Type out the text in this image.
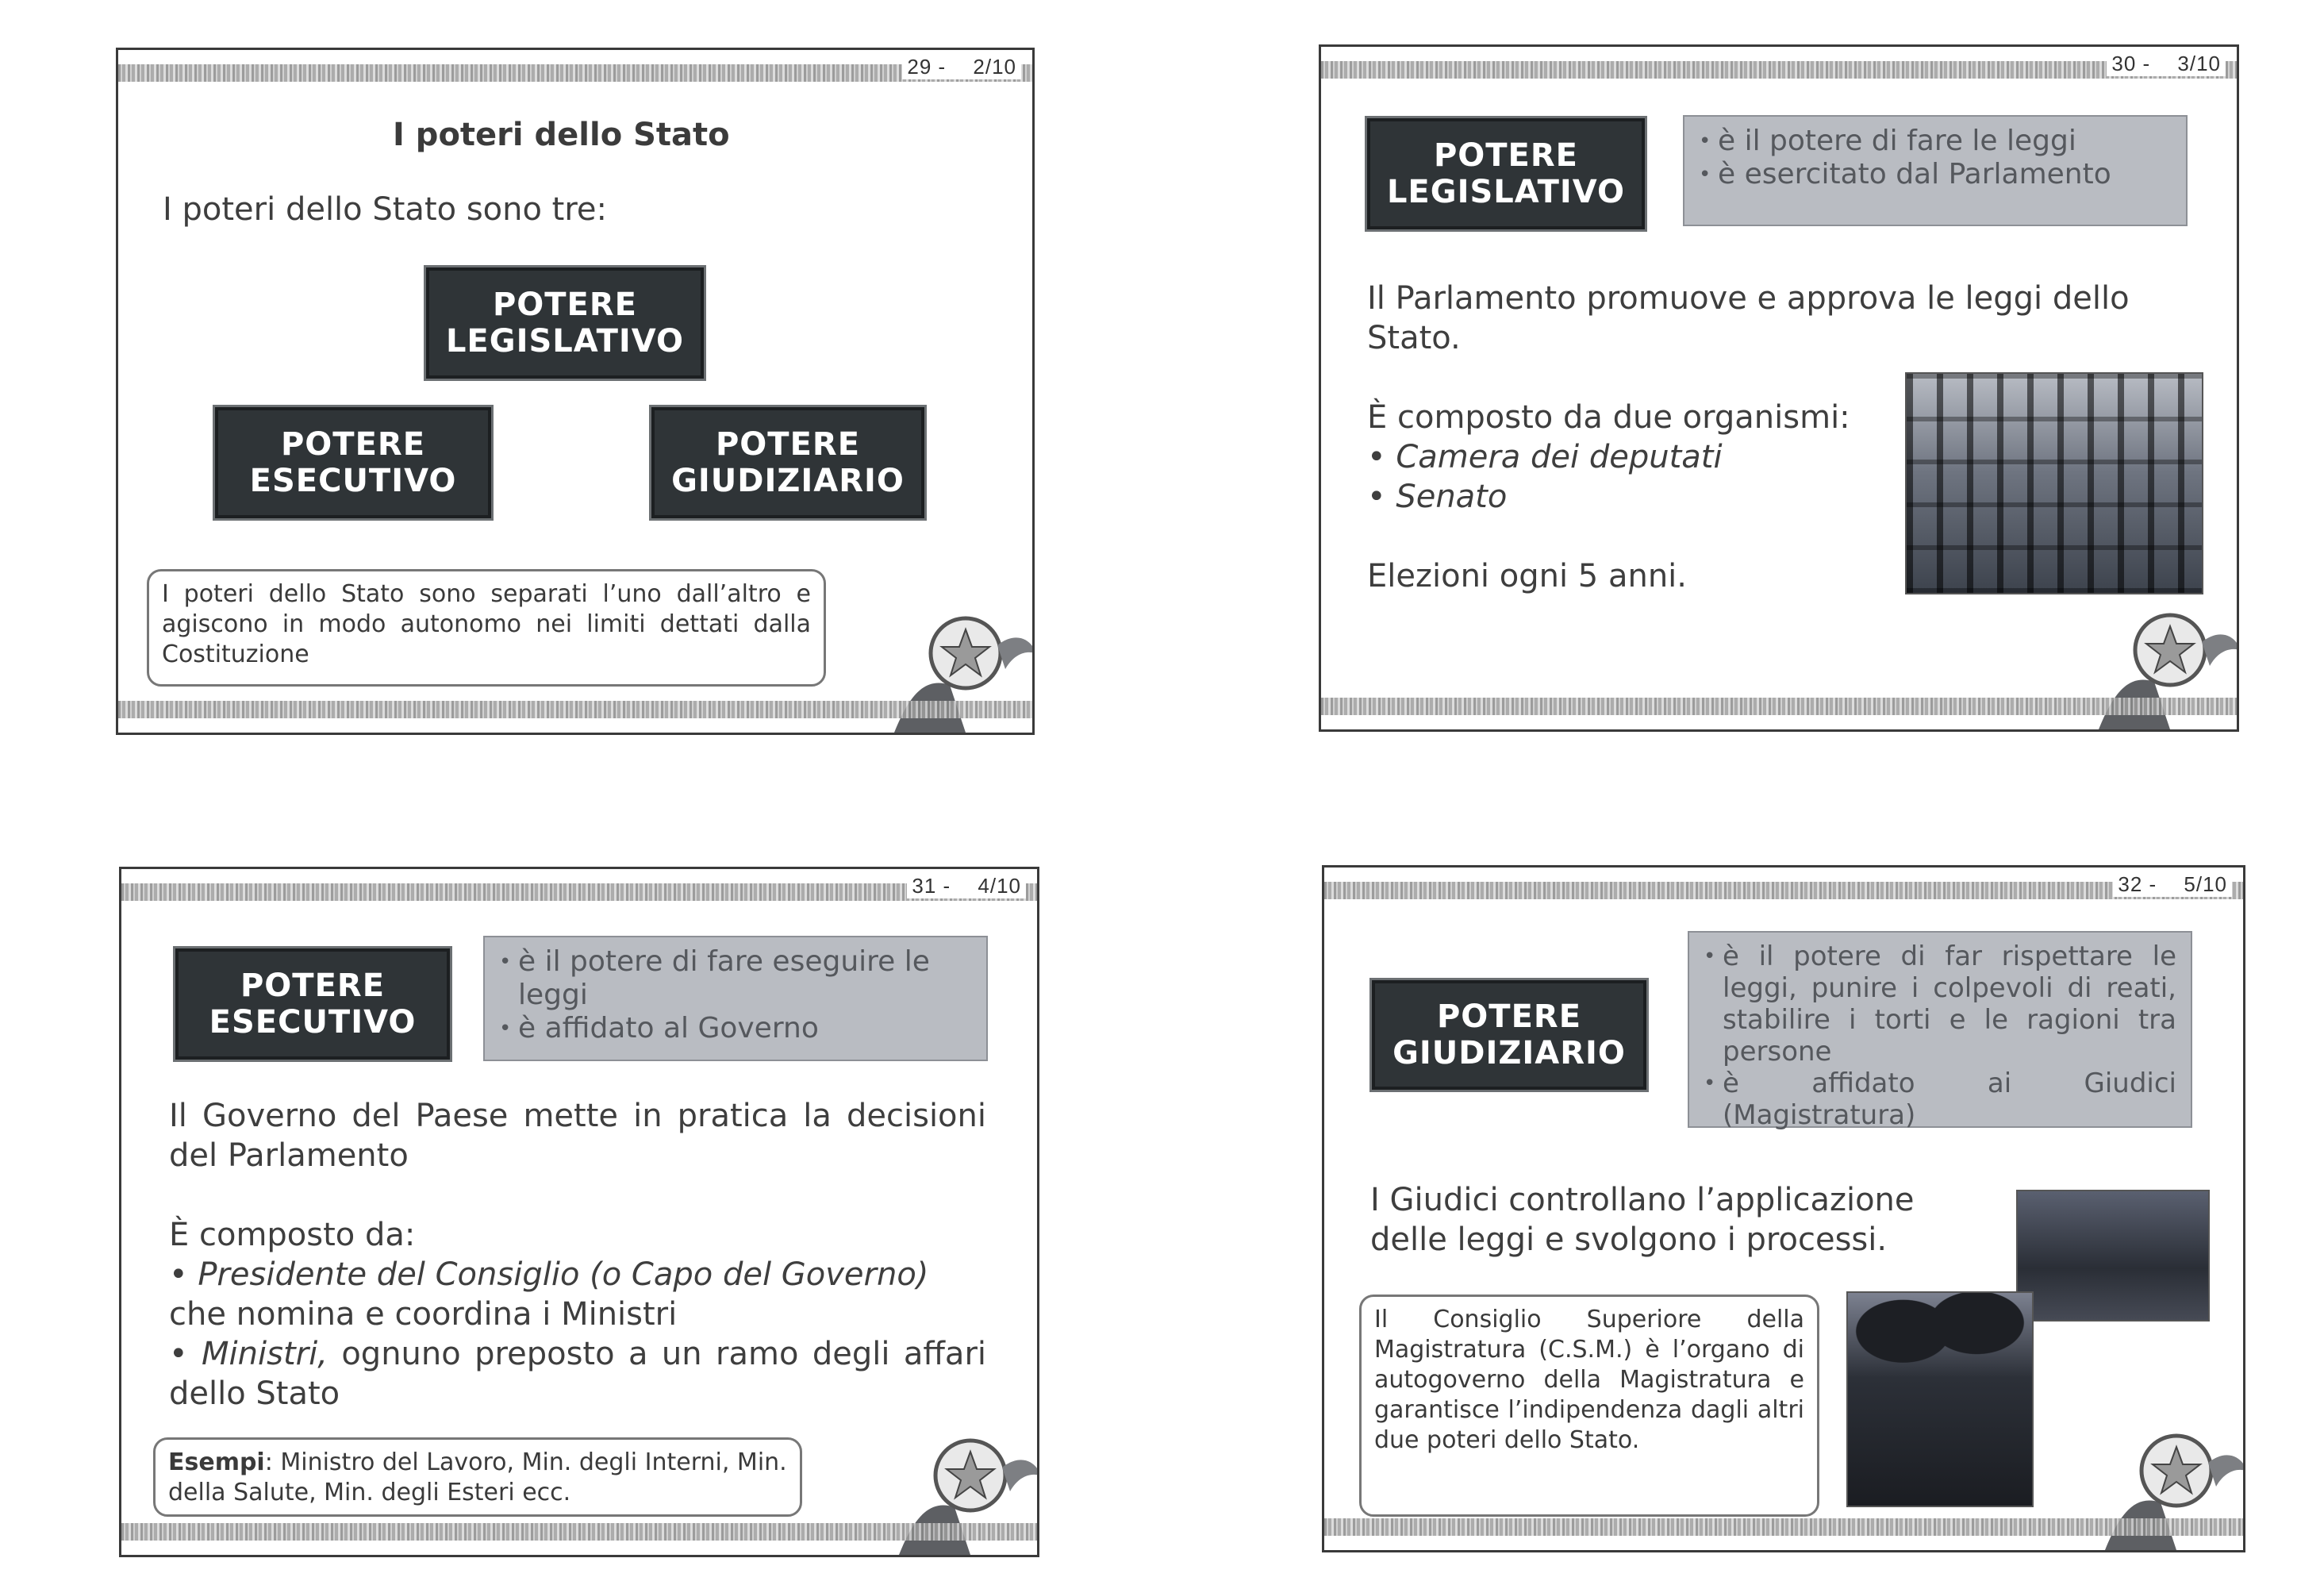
29 - 2/10
I poteri dello Stato
I poteri dello Stato sono tre:
POTERE
LEGISLATIVO
POTERE
ESECUTIVO
POTERE
GIUDIZIARIO
I poteri dello Stato sono separati l’uno dall’altro e agiscono in modo autonomo nei limiti dettati dalla Costituzione
30 - 3/10
POTERE
LEGISLATIVO
• è il potere di fare le leggi
• è esercitato dal Parlamento
Il Parlamento promuove e approva le leggi dello Stato.
È composto da due organismi:
• Camera dei deputati
• Senato
Elezioni ogni 5 anni.
31 - 4/10
POTERE
ESECUTIVO
• è il potere di fare eseguire le leggi
• è affidato al Governo
Il Governo del Paese mette in pratica la decisioni del Parlamento
È composto da:
• Presidente del Consiglio (o Capo del Governo)
che nomina e coordina i Ministri
• Ministri, ognuno preposto a un ramo degli affari dello Stato
Esempi: Ministro del Lavoro, Min. degli Interni, Min. della Salute, Min. degli Esteri ecc.
32 - 5/10
POTERE
GIUDIZIARIO
• è il potere di far rispettare le leggi, punire i colpevoli di reati, stabilire i torti e le ragioni tra persone
• è affidato ai Giudici (Magistratura)
I Giudici controllano l’applicazione delle leggi e svolgono i processi.
Il Consiglio Superiore della Magistratura (C.S.M.) è l’organo di autogoverno della Magistratura e garantisce l’indipendenza dagli altri due poteri dello Stato.
